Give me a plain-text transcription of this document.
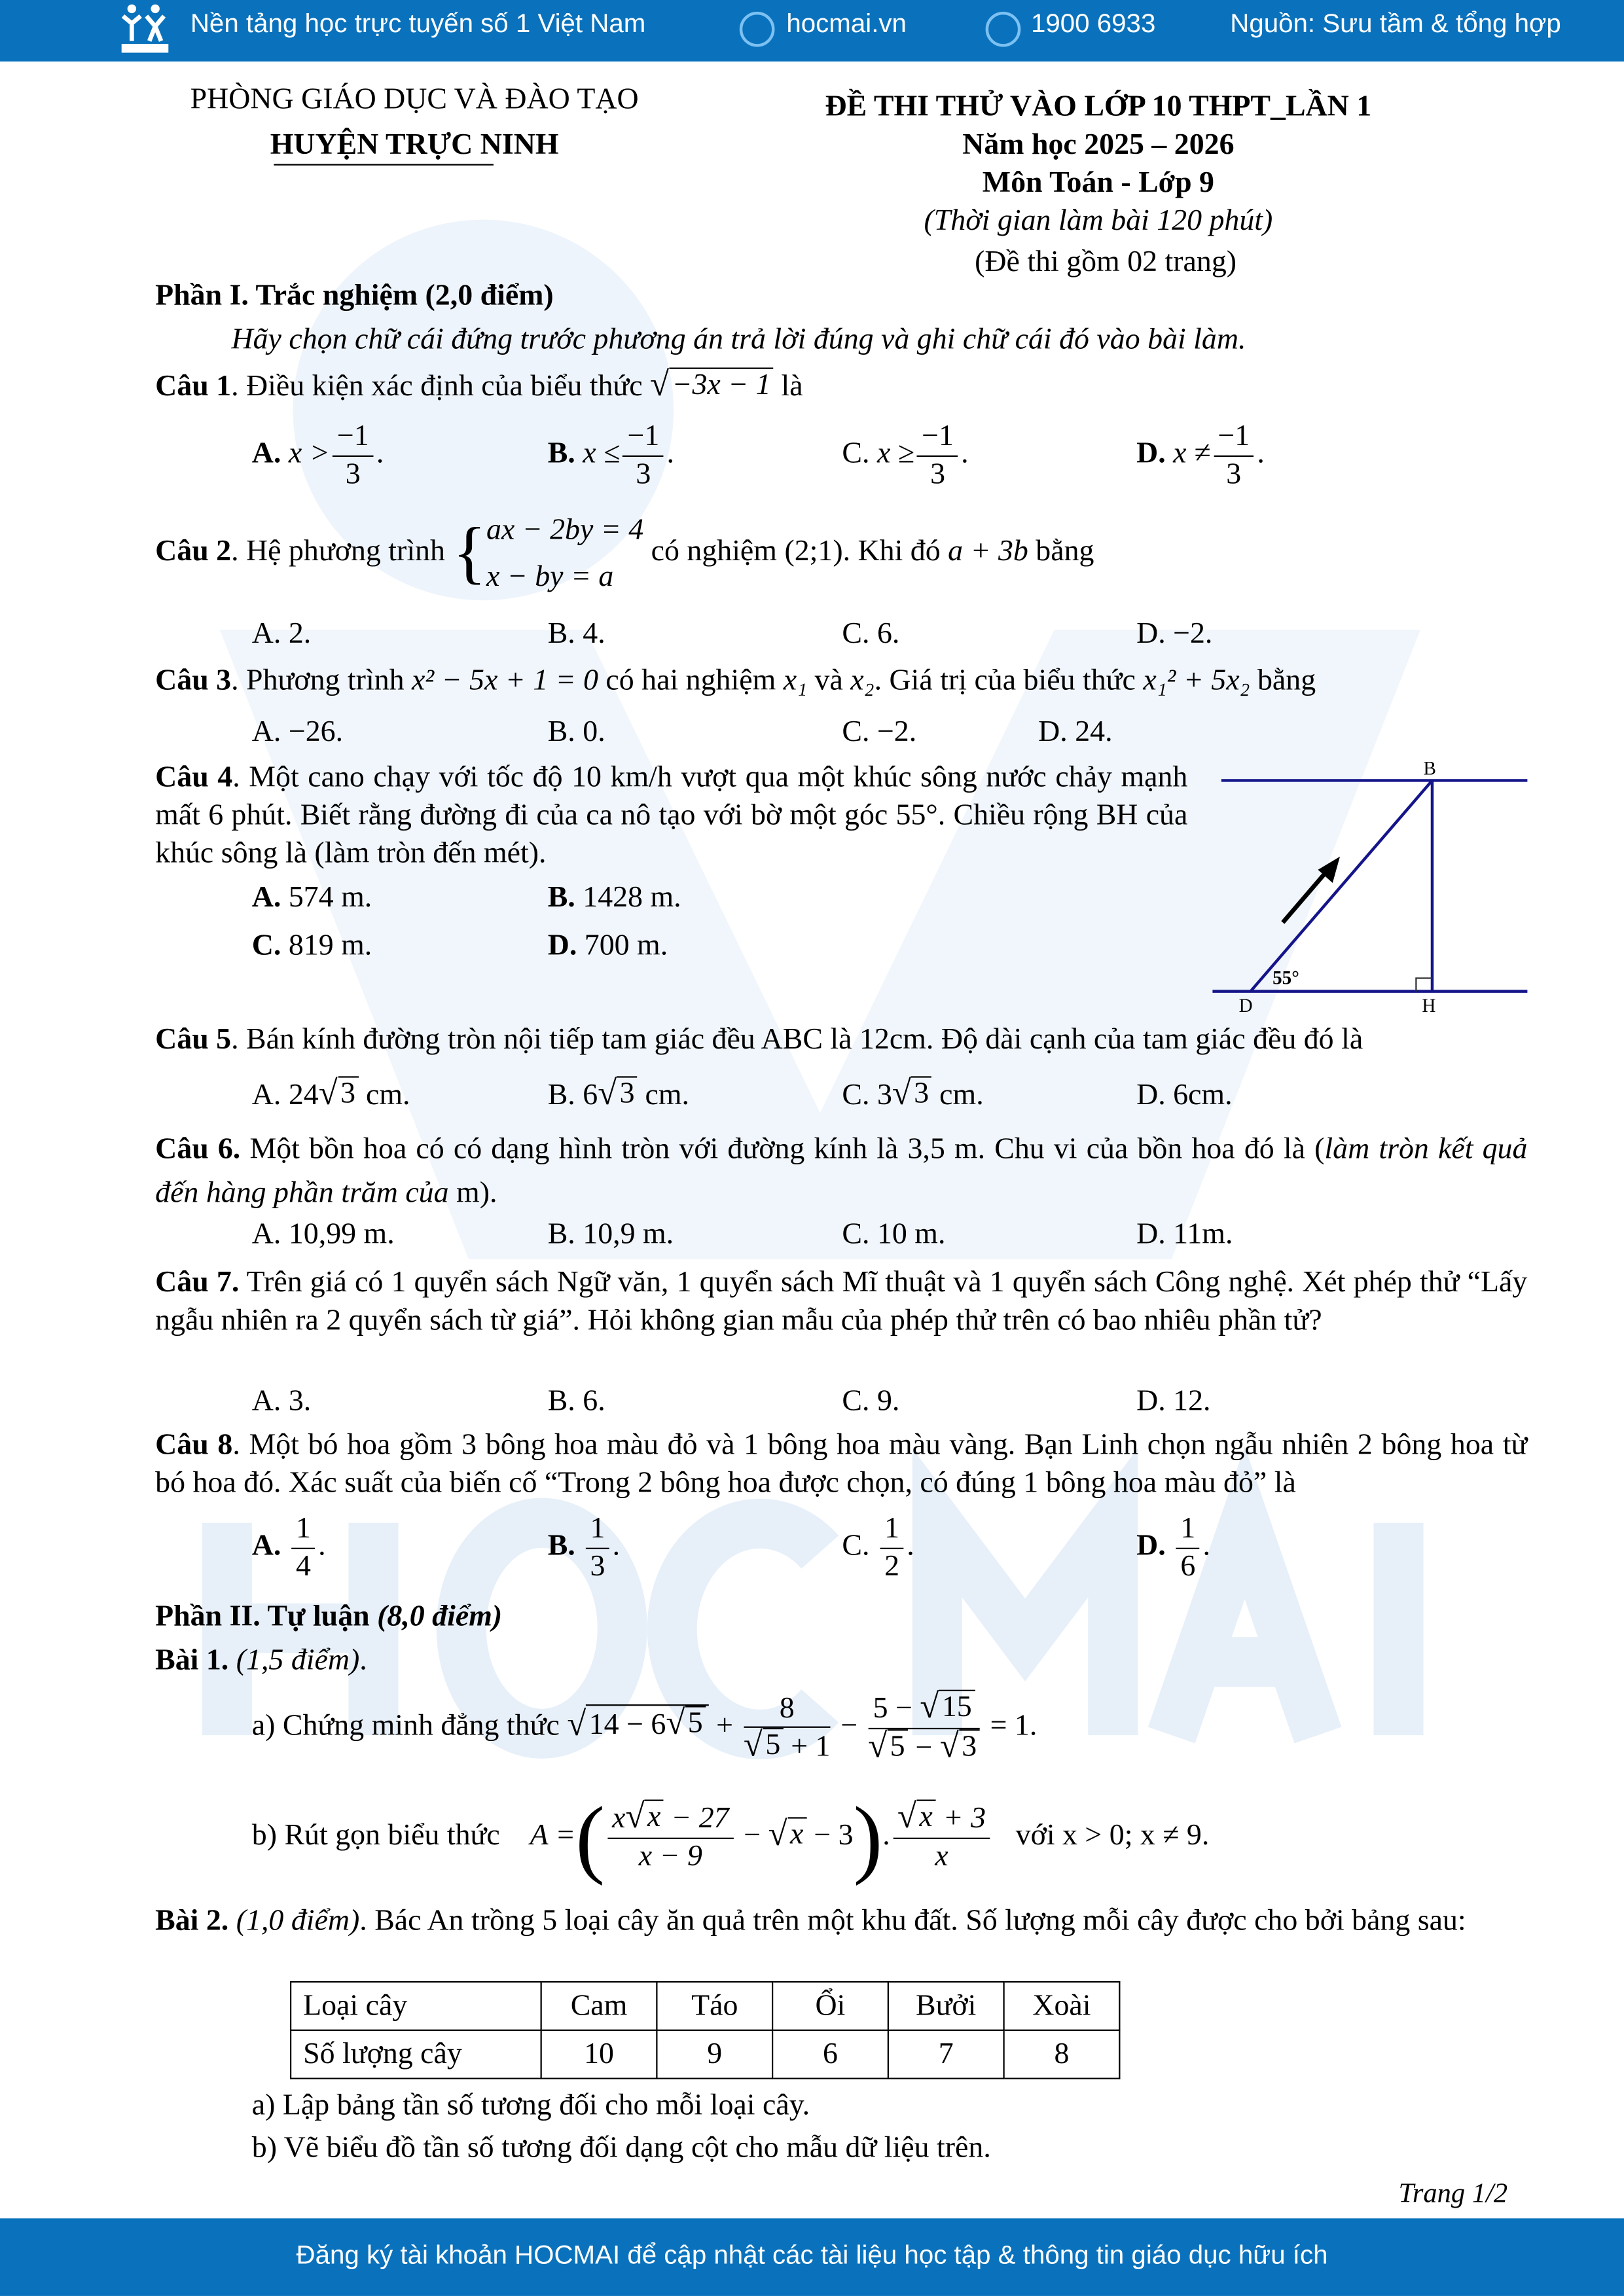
Nền tảng học trực tuyến số 1 Việt Nam	hocmai.vn	1900 6933	Nguồn: Sưu tầm & tổng hợp
PHÒNG GIÁO DỤC VÀ ĐÀO TẠO
HUYỆN TRỰC NINH
ĐỀ THI THỬ VÀO LỚP 10 THPT_LẦN 1
Năm học 2025 – 2026
Môn Toán - Lớp 9
(Thời gian làm bài 120 phút)
(Đề thi gồm 02 trang)
B
D	H
55°
Phần I. Trắc nghiệm (2,0 điểm)
Hãy chọn chữ cái đứng trước phương án trả lời đúng và ghi chữ cái đó vào bài làm.
Câu 1. Điều kiện xác định của biểu thức √ −3x − 1 là
A. $x > \frac{-1}{3}$ .	B. $x \le \frac{-1}{3}$ .	C. $x \ge \frac{-1}{3}$ .	D. $x \ne \frac{-1}{3}$ .
Câu 2. Hệ phương trình { ax − 2by = 4
x − by = a
có nghiệm (2;1). Khi đó a + 3b bằng
A. 2.	B. 4.	C. 6.	D. −2.
Câu 3. Phương trình x² − 5x + 1 = 0 có hai nghiệm x₁ và x₂. Giá trị của biểu thức x₁² + 5x₂ bằng
A. −26.	B. 0.	C. −2.	D. 24.
Câu 4. Một cano chạy với tốc độ 10 km/h vượt qua một khúc sông nước chảy mạnh mất 6 phút. Biết rằng đường đi của ca nô tạo với bờ một góc 55°. Chiều rộng BH của khúc sông là (làm tròn đến mét).
A. 574 m.	B. 1428 m.
C. 819 m.	D. 700 m.
Câu 5. Bán kính đường tròn nội tiếp tam giác đều ABC là 12cm. Độ dài cạnh của tam giác đều đó là
A. 24 √ 3 cm.	B. 6 √ 3 cm.	C. 3 √ 3 cm.	D. 6cm.
Câu 6. Một bồn hoa có có dạng hình tròn với đường kính là 3,5 m. Chu vi của bồn hoa đó là (làm tròn kết quả đến hàng phần trăm của m).
A. 10,99 m.	B. 10,9 m.	C. 10 m.	D. 11m.
Câu 7. Trên giá có 1 quyển sách Ngữ văn, 1 quyển sách Mĩ thuật và 1 quyển sách Công nghệ. Xét phép thử “Lấy ngẫu nhiên ra 2 quyển sách từ giá”. Hỏi không gian mẫu của phép thử trên có bao nhiêu phần tử?
A. 3.	B. 6.	C. 9.	D. 12.
Câu 8. Một bó hoa gồm 3 bông hoa màu đỏ và 1 bông hoa màu vàng. Bạn Linh chọn ngẫu nhiên 2 bông hoa từ bó hoa đó. Xác suất của biến cố “Trong 2 bông hoa được chọn, có đúng 1 bông hoa màu đỏ” là
A. $\frac{1}{4}$ .	B. $\frac{1}{3}$ .	C. $\frac{1}{2}$ .	D. $\frac{1}{6}$ .
Phần II. Tự luận (8,0 điểm)
Bài 1. (1,5 điểm).
a) Chứng minh đẳng thức √ 14 − 6 √ $5 + \frac{8}{√ 5 + 1} - \frac{5 - √ 15}{√ 5 - √ 3} = 1$.
b) Rút gọn biểu thức    A =( $\frac{x √ x - 27}{x - 9}$ − √ x − 3). $\frac{√ x + 3}{x}$ với x > 0; x ≠ 9.
Bài 2. (1,0 điểm). Bác An trồng 5 loại cây ăn quả trên một khu đất. Số lượng mỗi cây được cho bởi bảng sau:
Loại cây	Cam	Táo	Ổi	Bưởi	Xoài
Số lượng cây	10	9	6	7	8
a) Lập bảng tần số tương đối cho mỗi loại cây.
b) Vẽ biểu đồ tần số tương đối dạng cột cho mẫu dữ liệu trên.
Trang 1/2
Đăng ký tài khoản HOCMAI để cập nhật các tài liệu học tập & thông tin giáo dục hữu ích
